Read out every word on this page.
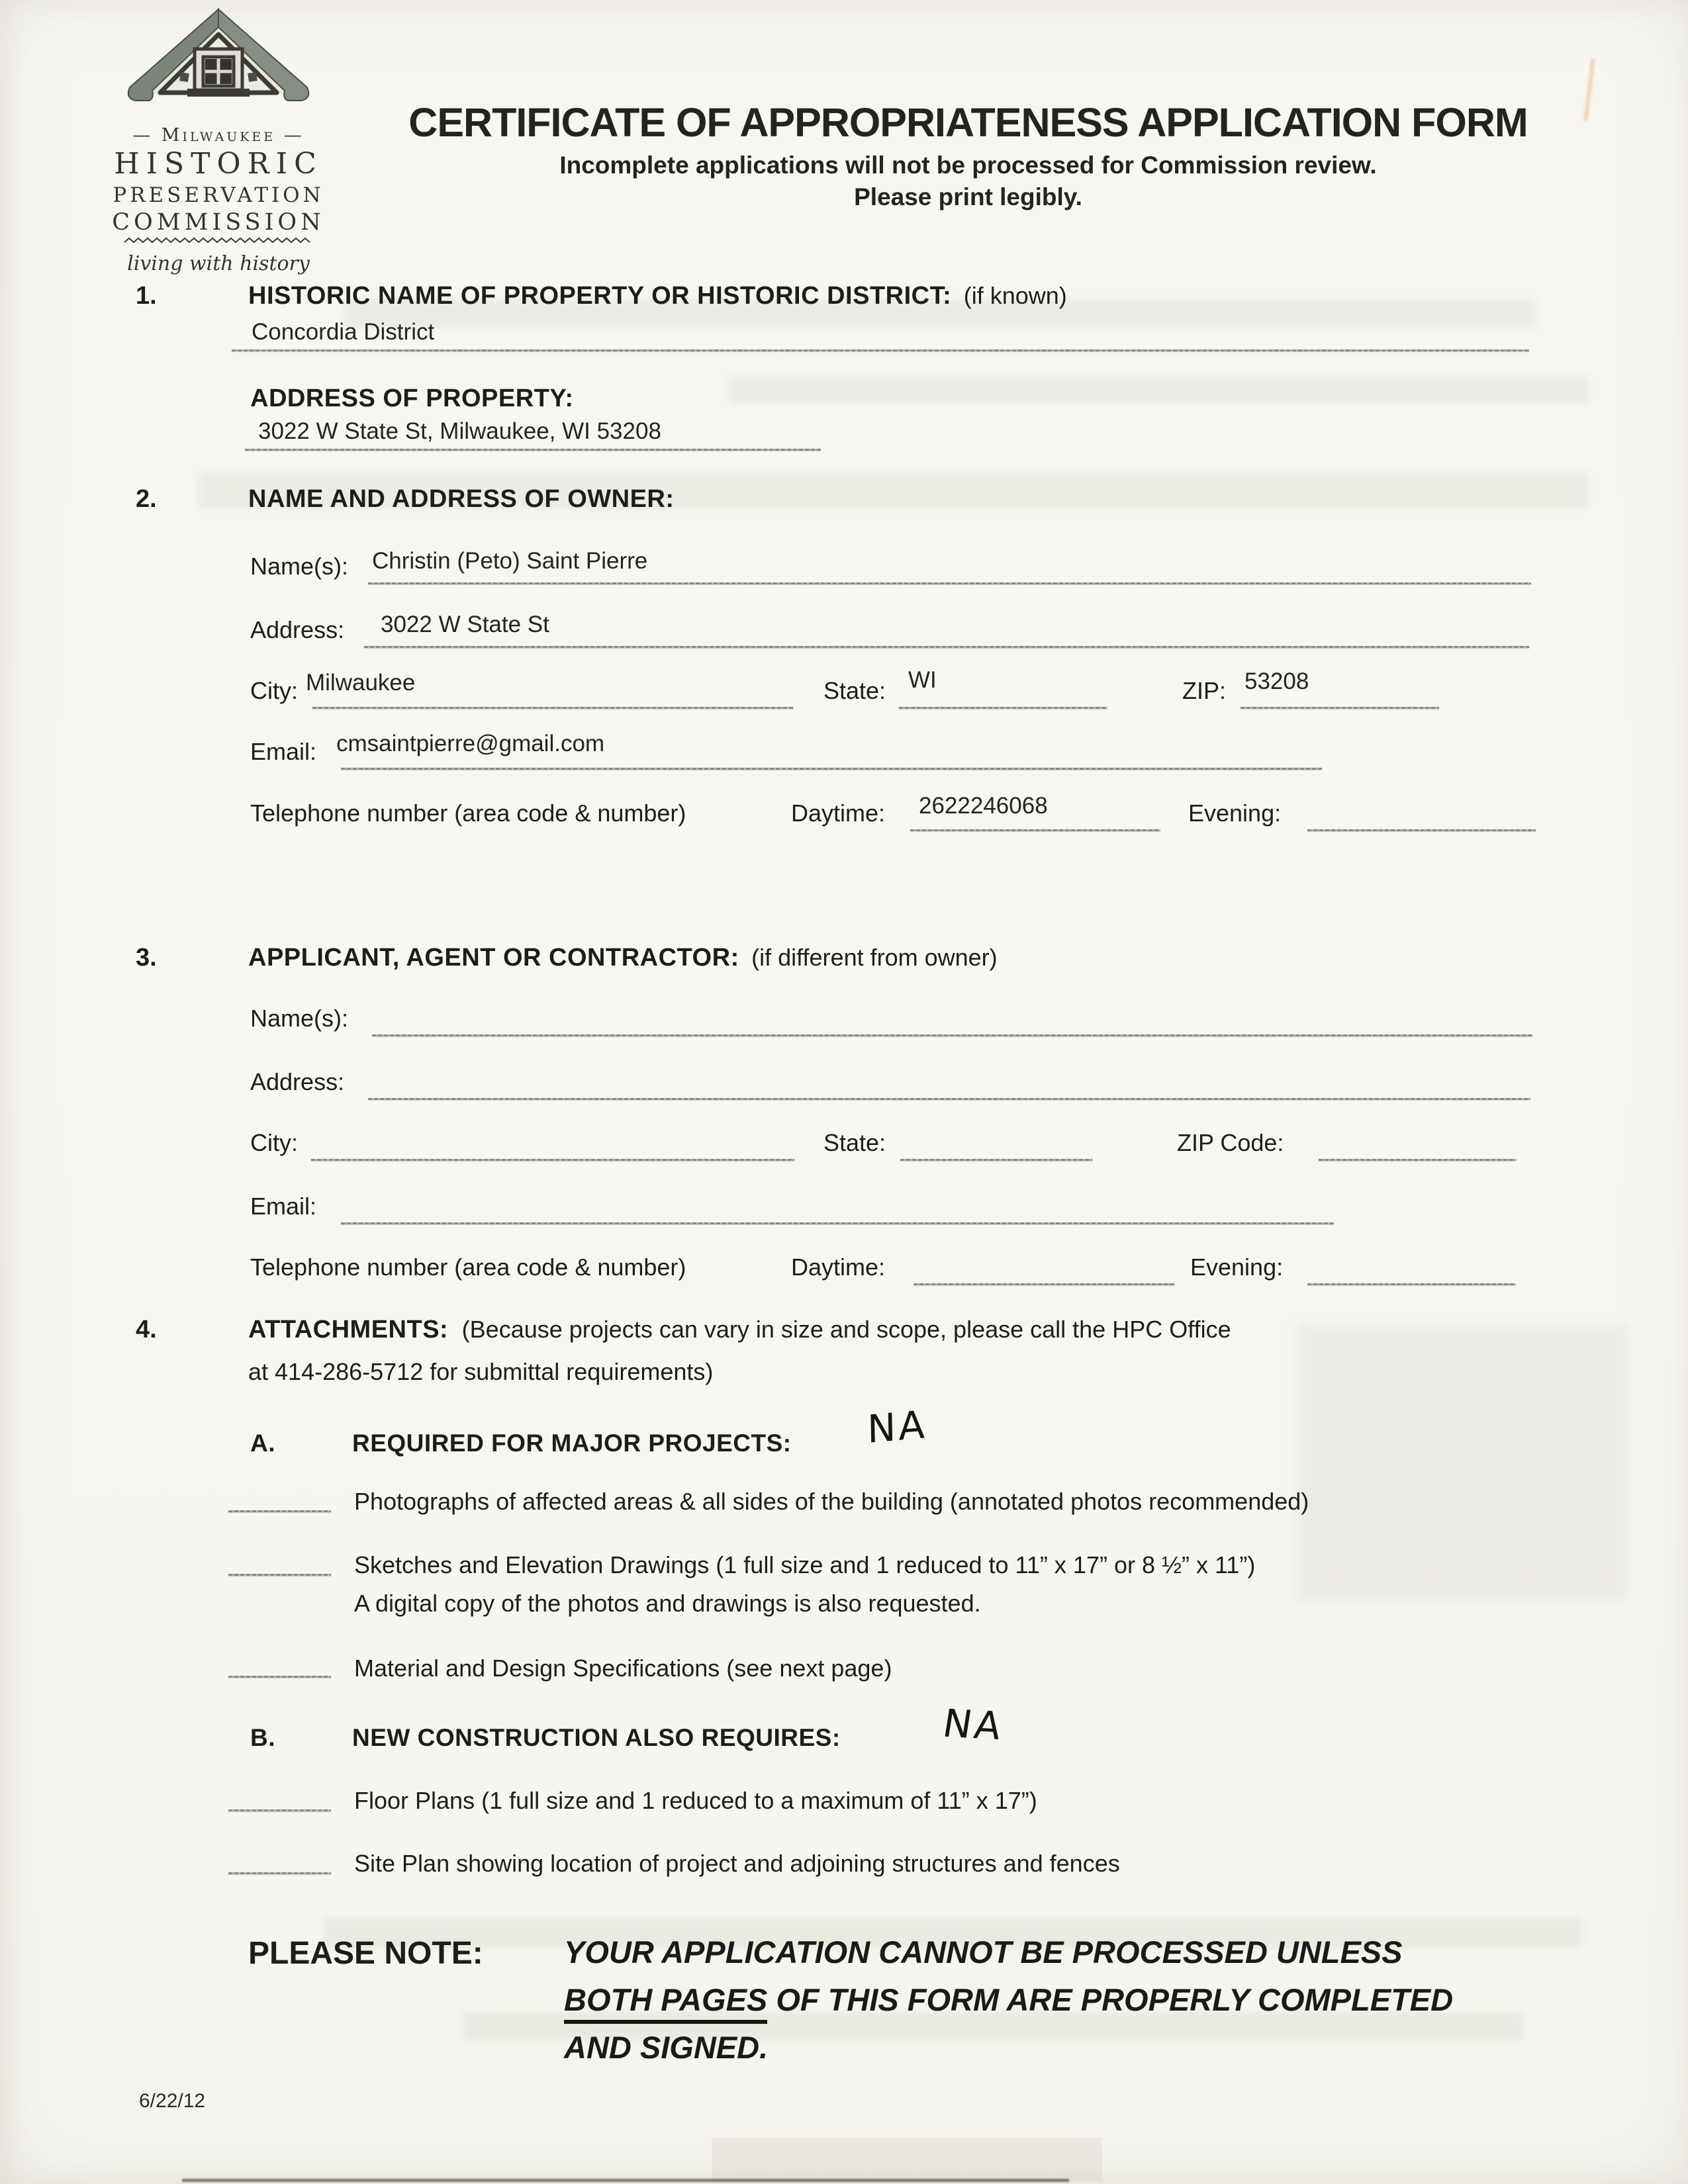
— Milwaukee —
HISTORIC
PRESERVATION
COMMISSION
living with history
CERTIFICATE OF APPROPRIATENESS APPLICATION FORM
Incomplete applications will not be processed for Commission review.
Please print legibly.
1.	HISTORIC NAME OF PROPERTY OR HISTORIC DISTRICT: (if known)
Concordia District
ADDRESS OF PROPERTY:
3022 W State St, Milwaukee, WI 53208
2.	NAME AND ADDRESS OF OWNER:
Name(s): Christin (Peto) Saint Pierre
Address: 3022 W State St
City: Milwaukee	State: WI	ZIP: 53208
Email: cmsaintpierre@gmail.com
Telephone number (area code & number)	Daytime: 2622246068	Evening:
3.	APPLICANT, AGENT OR CONTRACTOR: (if different from owner)
Name(s):
Address:
City:	State:	ZIP Code:
Email:
Telephone number (area code & number)	Daytime:	Evening:
4.	ATTACHMENTS: (Because projects can vary in size and scope, please call the HPC Office
at 414-286-5712 for submittal requirements)
A.	REQUIRED FOR MAJOR PROJECTS: NA
Photographs of affected areas & all sides of the building (annotated photos recommended)
Sketches and Elevation Drawings (1 full size and 1 reduced to 11” x 17” or 8 ½” x 11”)
A digital copy of the photos and drawings is also requested.
Material and Design Specifications (see next page)
B.	NEW CONSTRUCTION ALSO REQUIRES:	NA
Floor Plans (1 full size and 1 reduced to a maximum of 11” x 17”)
Site Plan showing location of project and adjoining structures and fences
PLEASE NOTE:	YOUR APPLICATION CANNOT BE PROCESSED UNLESS
BOTH PAGES OF THIS FORM ARE PROPERLY COMPLETED
AND SIGNED.
6/22/12
